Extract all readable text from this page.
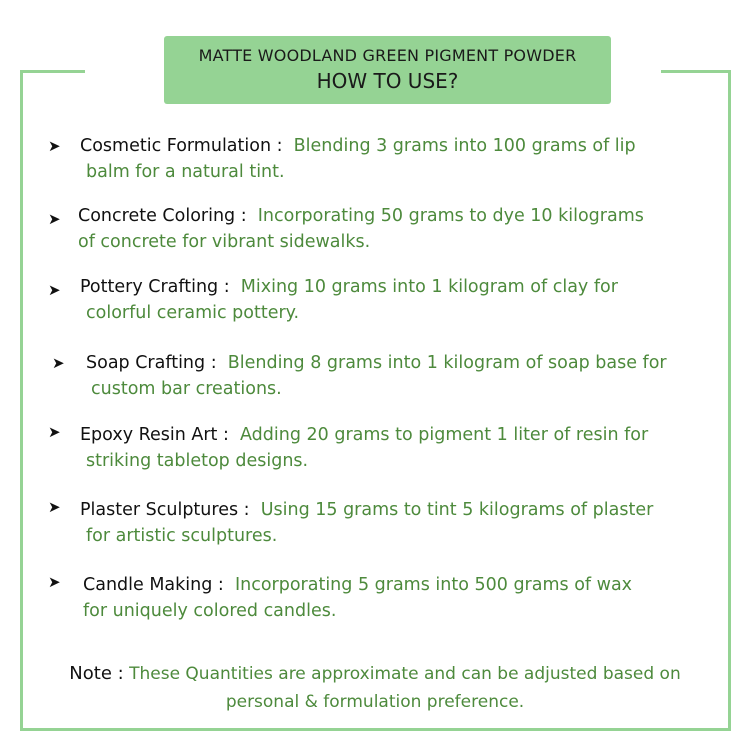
MATTE WOODLAND GREEN PIGMENT POWDER
HOW TO USE?
➤	Cosmetic Formulation : Blending 3 grams into 100 grams of lip
balm for a natural tint.
➤ Concrete Coloring : Incorporating 50 grams to dye 10 kilograms
of concrete for vibrant sidewalks.
➤	Pottery Crafting : Mixing 10 grams into 1 kilogram of clay for
colorful ceramic pottery.
➤	Soap Crafting : Blending 8 grams into 1 kilogram of soap base for
custom bar creations.
➤	Epoxy Resin Art : Adding 20 grams to pigment 1 liter of resin for
striking tabletop designs.
➤	Plaster Sculptures : Using 15 grams to tint 5 kilograms of plaster
for artistic sculptures.
➤	Candle Making : Incorporating 5 grams into 500 grams of wax
for uniquely colored candles.
Note : These Quantities are approximate and can be adjusted based on
personal & formulation preference.
